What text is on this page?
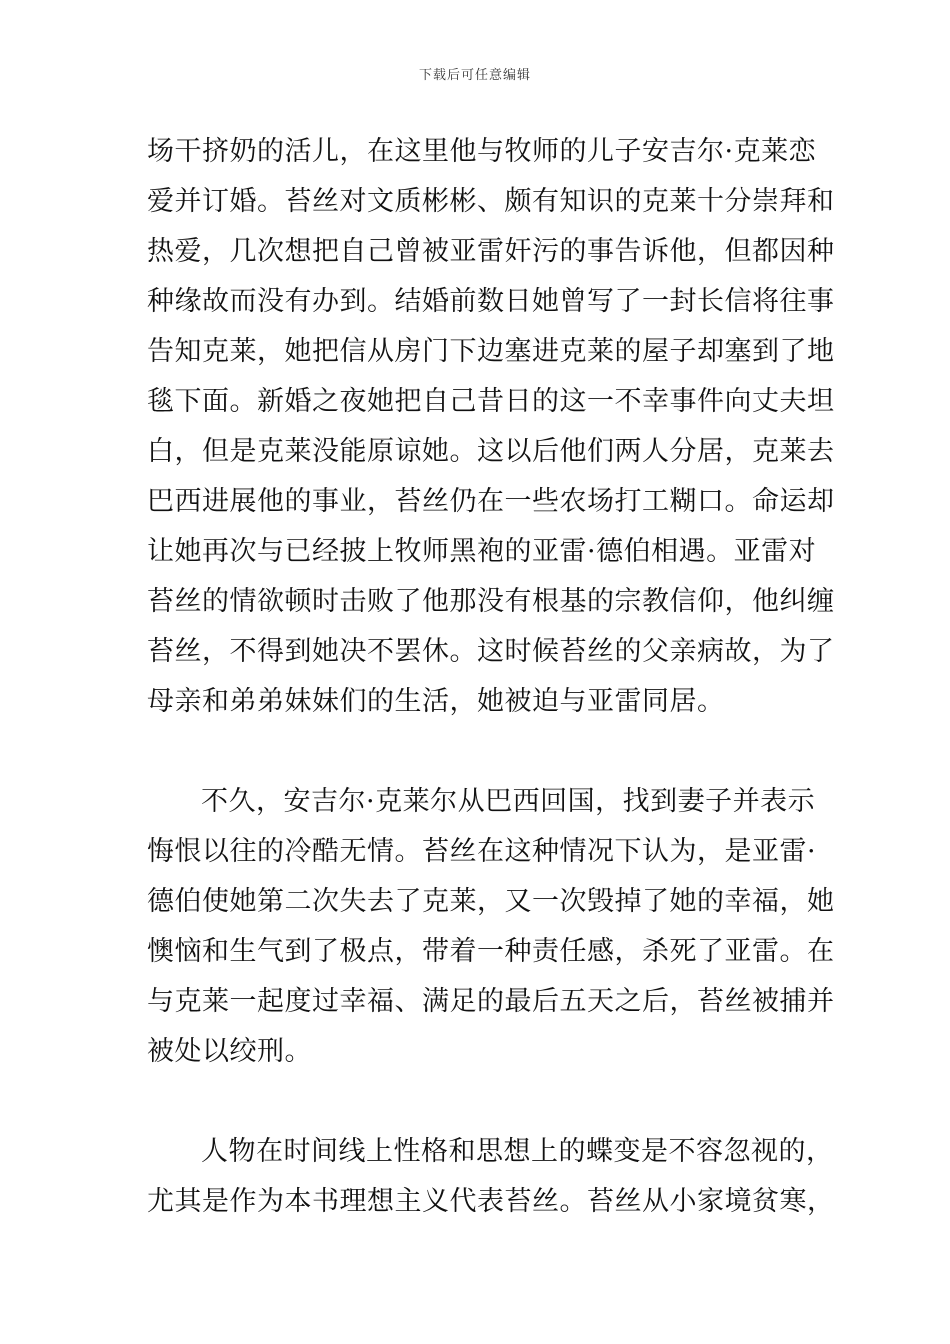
下载后可任意编辑
场干挤奶的活儿，在这里他与牧师的儿子安吉尔·克莱恋
爱并订婚。苔丝对文质彬彬、颇有知识的克莱十分崇拜和
热爱，几次想把自己曾被亚雷奸污的事告诉他，但都因种
种缘故而没有办到。结婚前数日她曾写了一封长信将往事
告知克莱，她把信从房门下边塞进克莱的屋子却塞到了地
毯下面。新婚之夜她把自己昔日的这一不幸事件向丈夫坦
白，但是克莱没能原谅她。这以后他们两人分居，克莱去
巴西进展他的事业，苔丝仍在一些农场打工糊口。命运却
让她再次与已经披上牧师黑袍的亚雷·德伯相遇。亚雷对
苔丝的情欲顿时击败了他那没有根基的宗教信仰，他纠缠
苔丝，不得到她决不罢休。这时候苔丝的父亲病故，为了
母亲和弟弟妹妹们的生活，她被迫与亚雷同居。
不久，安吉尔·克莱尔从巴西回国，找到妻子并表示
悔恨以往的冷酷无情。苔丝在这种情况下认为，是亚雷·
德伯使她第二次失去了克莱，又一次毁掉了她的幸福，她
懊恼和生气到了极点，带着一种责任感，杀死了亚雷。在
与克莱一起度过幸福、满足的最后五天之后，苔丝被捕并
被处以绞刑。
人物在时间线上性格和思想上的蝶变是不容忽视的，
尤其是作为本书理想主义代表苔丝。苔丝从小家境贫寒，
